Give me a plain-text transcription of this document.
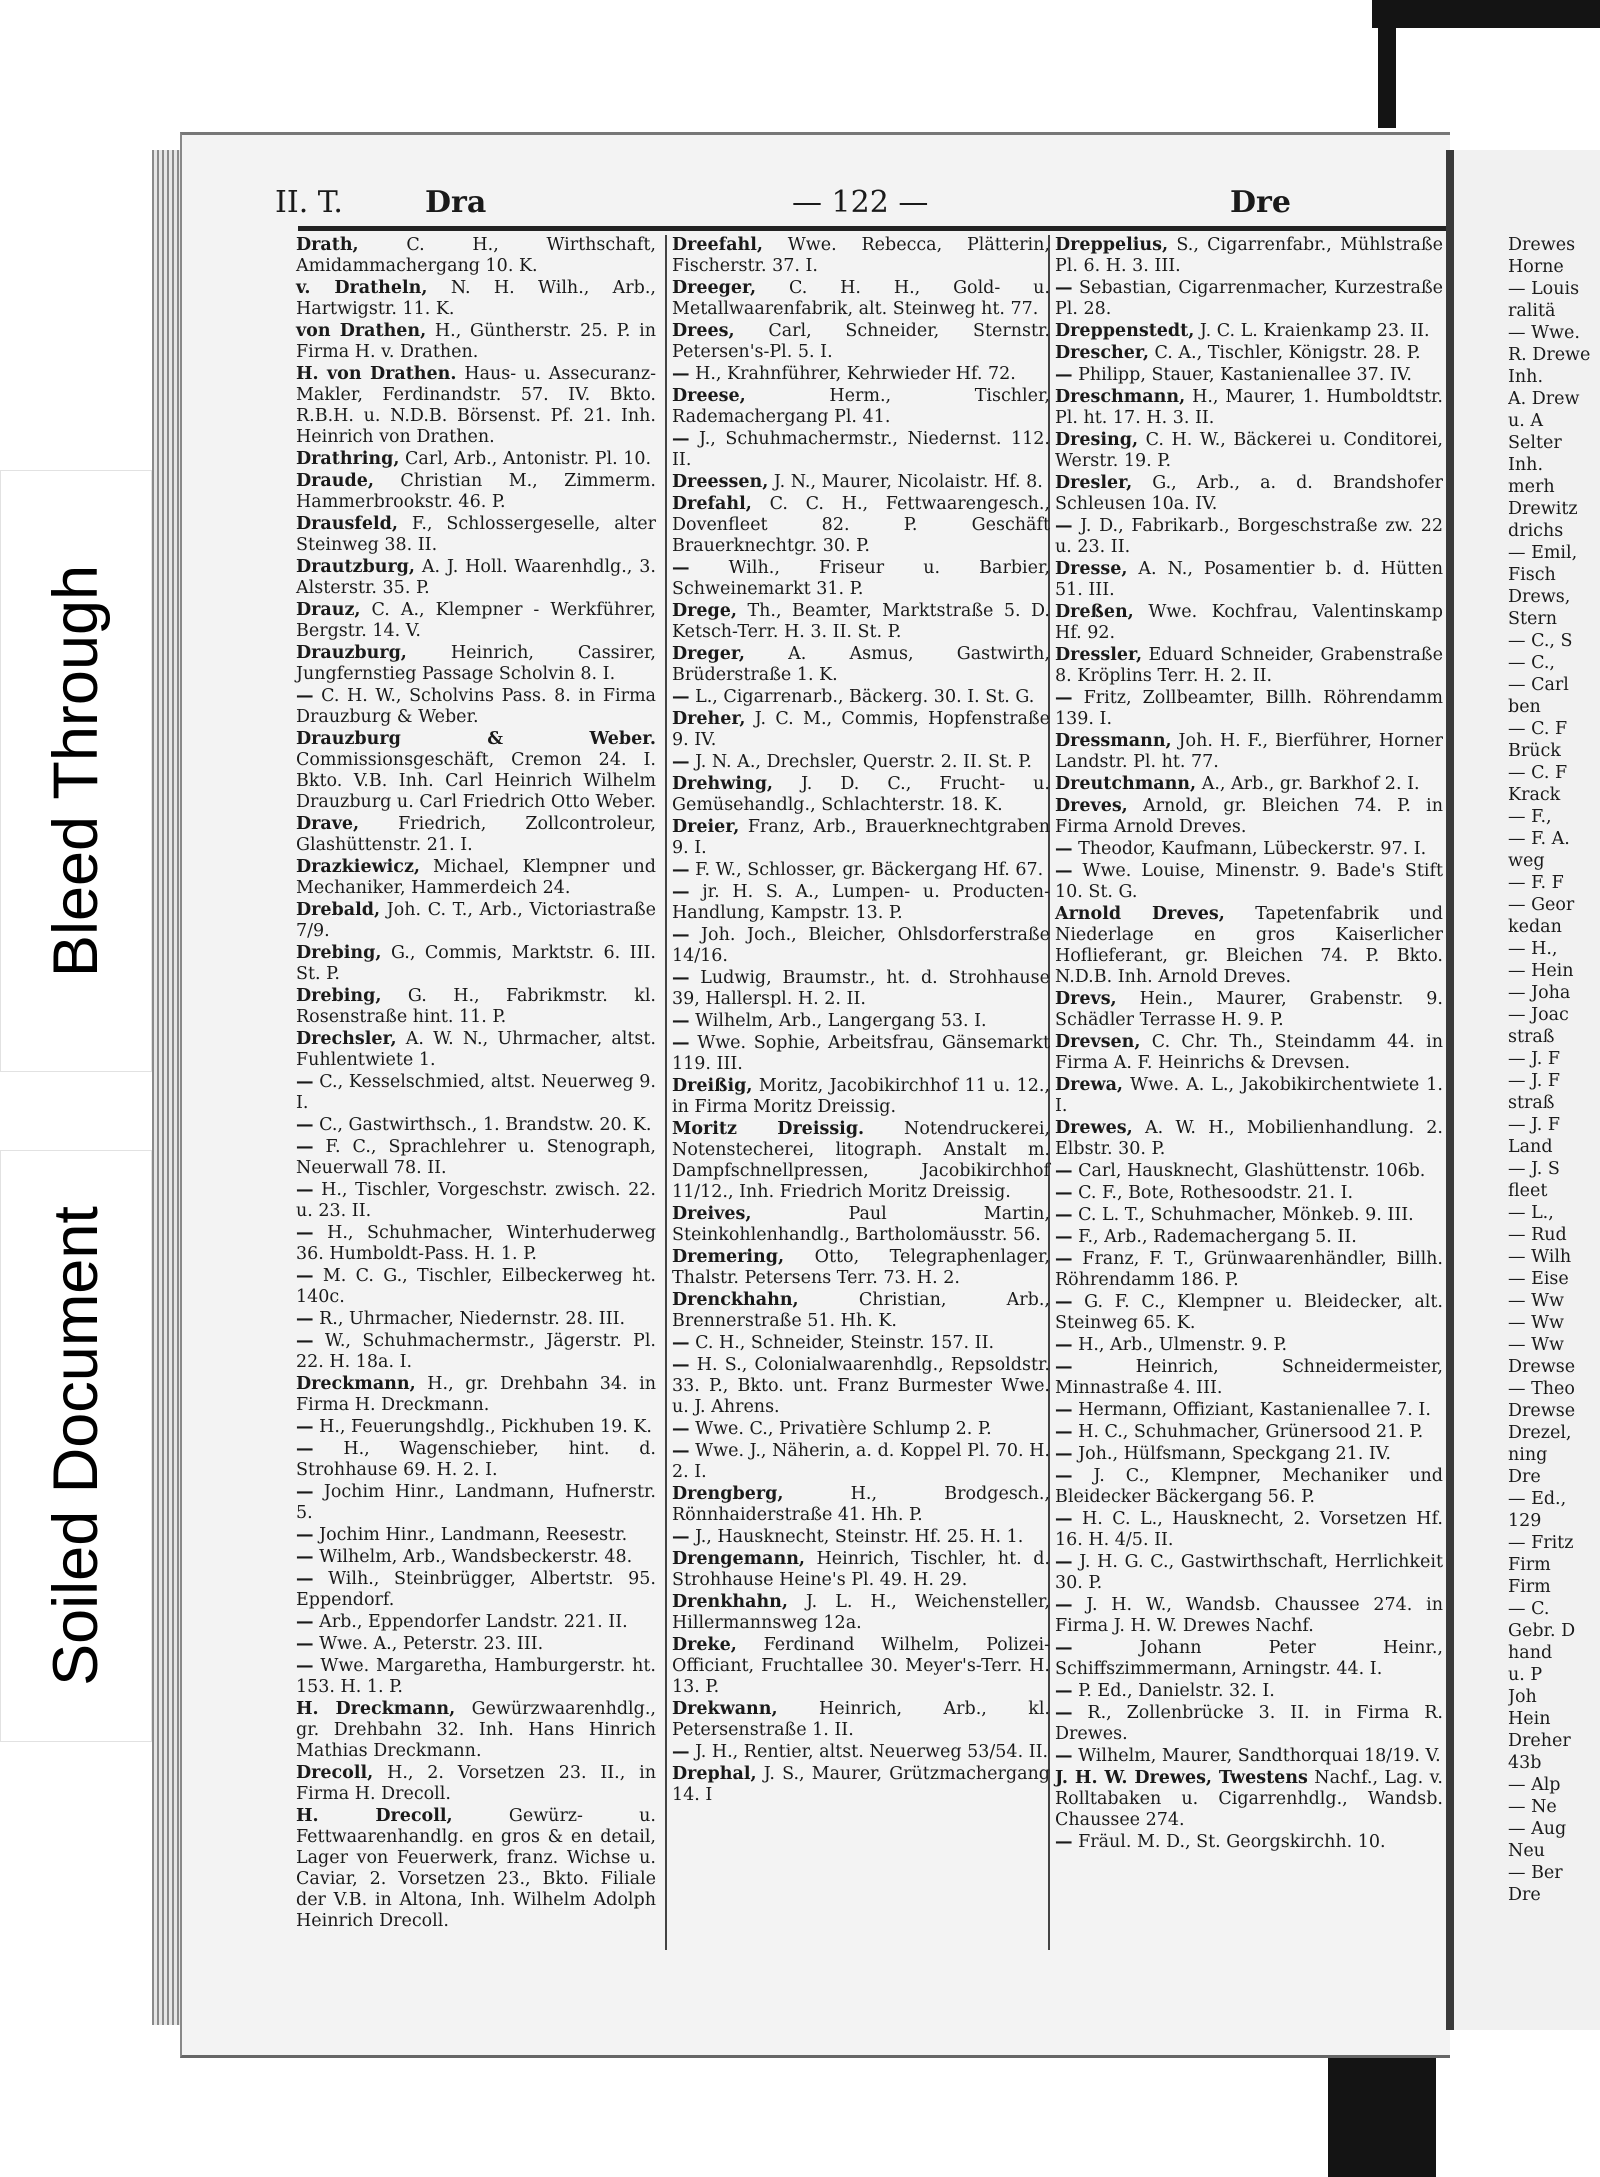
Bleed Through
Soiled Document
II. T.	Dra	— 122 —	Dre
Drath,	C. H., Wirthschaft, Amidammachergang 10. K.
v. Dratheln, N. H. Wilh., Arb., Hartwigstr. 11. K.
von Drathen, H., Güntherstr. 25. P. in Firma H. v. Drathen.
H. von Drathen. Haus- u. Assecuranz-Makler, Ferdinandstr. 57. IV. Bkto. R.B.H. u. N.D.B. Börsenst. Pf. 21. Inh. Heinrich von Drathen.
Drathring, Carl, Arb., Antonistr. Pl. 10.
Draude, Christian M., Zimmerm. Hammerbrookstr. 46. P.
Drausfeld, F., Schlossergeselle, alter Steinweg 38. II.
Drautzburg, A. J. Holl. Waarenhdlg., 3. Alsterstr. 35. P.
Drauz, C. A., Klempner - Werkführer, Bergstr. 14. V.
Drauzburg,	Heinrich, Cassirer, Jungfernstieg Passage Scholvin 8. I.
— C. H. W., Scholvins Pass. 8. in Firma Drauzburg & Weber.
Drauzburg & Weber. Commissionsgeschäft, Cremon 24. I. Bkto. V.B. Inh. Carl Heinrich Wilhelm Drauzburg u. Carl Friedrich Otto Weber.
Drave, Friedrich, Zollcontroleur, Glashüttenstr. 21. I.
Drazkiewicz, Michael, Klempner und Mechaniker, Hammerdeich 24.
Drebald, Joh. C. T., Arb., Victoriastraße 7/9.
Drebing, G., Commis, Marktstr. 6. III. St. P.
Drebing, G. H., Fabrikmstr. kl. Rosenstraße hint. 11. P.
Drechsler, A. W. N., Uhrmacher, altst. Fuhlentwiete 1.
— C., Kesselschmied, altst. Neuerweg 9. I.
— C., Gastwirthsch., 1. Brandstw. 20. K.
— F. C., Sprachlehrer u. Stenograph, Neuerwall 78. II.
— H., Tischler, Vorgeschstr. zwisch. 22. u. 23. II.
— H., Schuhmacher, Winterhuderweg 36. Humboldt-Pass. H. 1. P.
— M. C. G., Tischler, Eilbeckerweg ht. 140c.
— R., Uhrmacher, Niedernstr. 28. III.
— W., Schuhmachermstr., Jägerstr. Pl. 22. H. 18a. I.
Dreckmann, H., gr. Drehbahn 34. in Firma H. Dreckmann.
— H., Feuerungshdlg., Pickhuben 19. K.
— H., Wagenschieber, hint. d. Strohhause 69. H. 2. I.
— Jochim Hinr., Landmann, Hufnerstr. 5.
— Jochim Hinr., Landmann, Reesestr.
— Wilhelm, Arb., Wandsbeckerstr. 48.
— Wilh., Steinbrügger, Albertstr. 95. Eppendorf.
— Arb., Eppendorfer Landstr. 221. II.
— Wwe. A., Peterstr. 23. III.
— Wwe. Margaretha, Hamburgerstr. ht. 153. H. 1. P.
H. Dreckmann, Gewürzwaarenhdlg., gr. Drehbahn 32. Inh. Hans Hinrich Mathias Dreckmann.
Drecoll, H., 2. Vorsetzen 23. II., in Firma H. Drecoll.
H. Drecoll,	Gewürz- u. Fettwaarenhandlg. en gros & en detail, Lager von Feuerwerk, franz. Wichse u. Caviar, 2. Vorsetzen 23., Bkto. Filiale der V.B. in Altona, Inh. Wilhelm Adolph Heinrich Drecoll.
Dreefahl, Wwe. Rebecca, Plätterin, Fischerstr. 37. I.
Dreeger, C. H. H., Gold- u. Metallwaarenfabrik, alt. Steinweg ht. 77.
Drees, Carl, Schneider, Sternstr. Petersen's-Pl. 5. I.
— H., Krahnführer, Kehrwieder Hf. 72.
Dreese,	Herm., Tischler, Rademachergang Pl. 41.
— J., Schuhmachermstr., Niedernst. 112. II.
Dreessen, J. N., Maurer, Nicolaistr. Hf. 8.
Drefahl, C. C. H., Fettwaarengesch., Dovenfleet 82. P. Geschäft Brauerknechtgr. 30. P.
— Wilh., Friseur u. Barbier, Schweinemarkt 31. P.
Drege, Th., Beamter, Marktstraße 5. D. Ketsch-Terr. H. 3. II. St. P.
Dreger, A. Asmus, Gastwirth, Brüderstraße 1. K.
— L., Cigarrenarb., Bäckerg. 30. I. St. G.
Dreher, J. C. M., Commis, Hopfenstraße 9. IV.
— J. N. A., Drechsler, Querstr. 2. II. St. P.
Drehwing, J. D. C., Frucht- u. Gemüsehandlg., Schlachterstr. 18. K.
Dreier, Franz, Arb., Brauerknechtgraben 9. I.
— F. W., Schlosser, gr. Bäckergang Hf. 67.
— jr. H. S. A., Lumpen- u. Producten-Handlung, Kampstr. 13. P.
— Joh. Joch., Bleicher, Ohlsdorferstraße 14/16.
— Ludwig, Braumstr., ht. d. Strohhause 39, Hallerspl. H. 2. II.
— Wilhelm, Arb., Langergang 53. I.
— Wwe. Sophie, Arbeitsfrau, Gänsemarkt 119. III.
Dreißig, Moritz, Jacobikirchhof 11 u. 12., in Firma Moritz Dreissig.
Moritz Dreissig. Notendruckerei, Notenstecherei, litograph. Anstalt m. Dampfschnellpressen, Jacobikirchhof 11/12., Inh. Friedrich Moritz Dreissig.
Dreives,	Paul Martin, Steinkohlenhandlg., Bartholomäusstr. 56.
Dremering, Otto, Telegraphenlager, Thalstr. Petersens Terr. 73. H. 2.
Drenckhahn,	Christian, Arb., Brennerstraße 51. Hh. K.
— C. H., Schneider, Steinstr. 157. II.
— H. S., Colonialwaarenhdlg., Repsoldstr. 33. P., Bkto. unt. Franz Burmester Wwe. u. J. Ahrens.
— Wwe. C., Privatière Schlump 2. P.
— Wwe. J., Näherin, a. d. Koppel Pl. 70. H. 2. I.
Drengberg,	H., Brodgesch., Rönnhaiderstraße 41. Hh. P.
— J., Hausknecht, Steinstr. Hf. 25. H. 1.
Drengemann, Heinrich, Tischler, ht. d. Strohhause Heine's Pl. 49. H. 29.
Drenkhahn, J. L. H., Weichensteller, Hillermannsweg 12a.
Dreke, Ferdinand Wilhelm, Polizei-Officiant, Fruchtallee 30. Meyer's-Terr. H. 13. P.
Drekwann, Heinrich, Arb., kl. Petersenstraße 1. II.
— J. H., Rentier, altst. Neuerweg 53/54. II.
Drephal, J. S., Maurer, Grützmachergang 14. I
Dreppelius, S., Cigarrenfabr., Mühlstraße Pl. 6. H. 3. III.
— Sebastian, Cigarrenmacher, Kurzestraße Pl. 28.
Dreppenstedt, J. C. L. Kraienkamp 23. II.
Drescher, C. A., Tischler, Königstr. 28. P.
— Philipp, Stauer, Kastanienallee 37. IV.
Dreschmann, H., Maurer, 1. Humboldtstr. Pl. ht. 17. H. 3. II.
Dresing, C. H. W., Bäckerei u. Conditorei, Werstr. 19. P.
Dresler, G., Arb., a. d. Brandshofer Schleusen 10a. IV.
— J. D., Fabrikarb., Borgeschstraße zw. 22 u. 23. II.
Dresse, A. N., Posamentier b. d. Hütten 51. III.
Dreßen, Wwe. Kochfrau, Valentinskamp Hf. 92.
Dressler, Eduard Schneider, Grabenstraße 8. Kröplins Terr. H. 2. II.
— Fritz, Zollbeamter, Billh. Röhrendamm 139. I.
Dressmann, Joh. H. F., Bierführer, Horner Landstr. Pl. ht. 77.
Dreutchmann, A., Arb., gr. Barkhof 2. I.
Dreves, Arnold, gr. Bleichen 74. P. in Firma Arnold Dreves.
— Theodor, Kaufmann, Lübeckerstr. 97. I.
— Wwe. Louise, Minenstr. 9. Bade's Stift 10. St. G.
Arnold Dreves, Tapetenfabrik und Niederlage en gros Kaiserlicher Hoflieferant, gr. Bleichen 74. P. Bkto. N.D.B. Inh. Arnold Dreves.
Drevs, Hein., Maurer, Grabenstr. 9. Schädler Terrasse H. 9. P.
Drevsen, C. Chr. Th., Steindamm 44. in Firma A. F. Heinrichs & Drevsen.
Drewa, Wwe. A. L., Jakobikirchentwiete 1. I.
Drewes, A. W. H., Mobilienhandlung. 2. Elbstr. 30. P.
— Carl, Hausknecht, Glashüttenstr. 106b.
— C. F., Bote, Rothesoodstr. 21. I.
— C. L. T., Schuhmacher, Mönkeb. 9. III.
— F., Arb., Rademachergang 5. II.
— Franz, F. T., Grünwaarenhändler, Billh. Röhrendamm 186. P.
— G. F. C., Klempner u. Bleidecker, alt. Steinweg 65. K.
— H., Arb., Ulmenstr. 9. P.
—	Heinrich, Schneidermeister, Minnastraße 4. III.
— Hermann, Offiziant, Kastanienallee 7. I.
— H. C., Schuhmacher, Grünersood 21. P.
— Joh., Hülfsmann, Speckgang 21. IV.
— J. C., Klempner, Mechaniker und Bleidecker Bäckergang 56. P.
— H. C. L., Hausknecht, 2. Vorsetzen Hf. 16. H. 4/5. II.
— J. H. G. C., Gastwirthschaft, Herrlichkeit 30. P.
— J. H. W., Wandsb. Chaussee 274. in Firma J. H. W. Drewes Nachf.
—	Johann Peter Heinr., Schiffszimmermann, Arningstr. 44. I.
— P. Ed., Danielstr. 32. I.
— R., Zollenbrücke 3. II. in Firma R. Drewes.
— Wilhelm, Maurer, Sandthorquai 18/19. V.
J. H. W. Drewes, Twestens Nachf., Lag. v. Rolltabaken u. Cigarrenhdlg., Wandsb. Chaussee 274.
— Fräul. M. D., St. Georgskirchh. 10.
Drewes
Horne
— Louis
ralitä
— Wwe.
R. Drewe
Inh.
A. Drew
u. A
Selter
Inh.
merh
Drewitz
drichs
— Emil,
Fisch
Drews,
Stern
— C., S
— C.,
— Carl
ben
— C. F
Brück
— C. F
Krack
— F.,
— F. A.
weg
— F. F
— Geor
kedan
— H.,
— Hein
— Joha
— Joac
straß
— J. F
— J. F
straß
— J. F
Land
— J. S
fleet
— L.,
— Rud
— Wilh
— Eise
— Ww
— Ww
— Ww
Drewse
— Theo
Drewse
Drezel,
ning
Dre
— Ed.,
129
— Fritz
Firm
Firm
— C.
Gebr. D
hand
u. P
Joh
Hein
Dreher
43b
— Alp
— Ne
— Aug
Neu
— Ber
Dre
